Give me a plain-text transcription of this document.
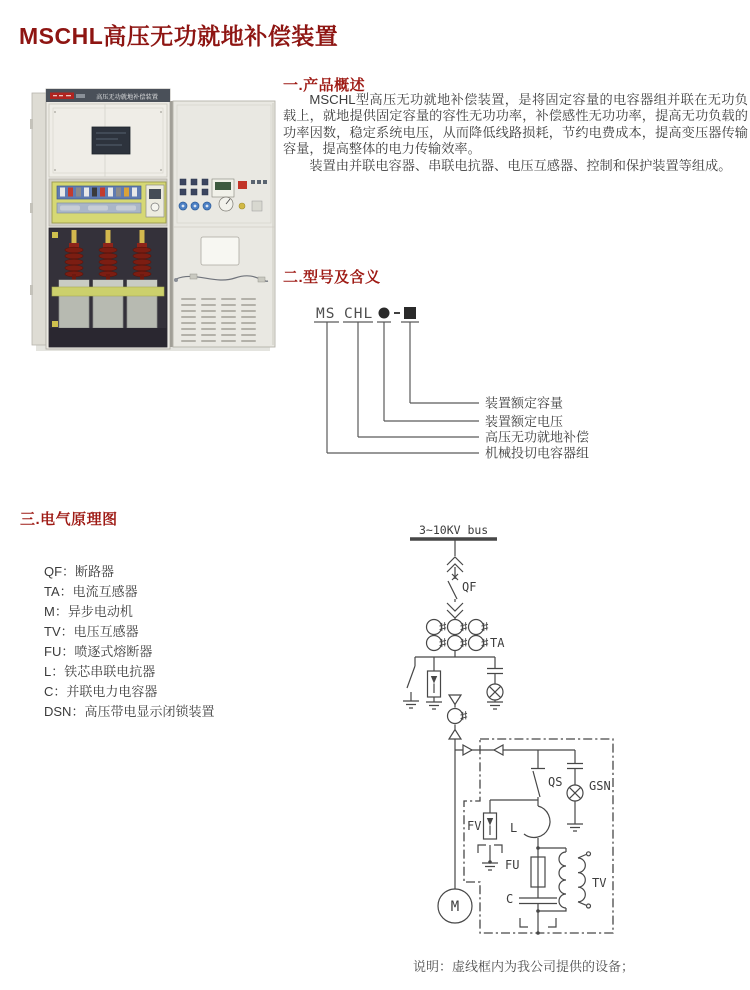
MSCHL高压无功就地补偿装置
高压无功就地补偿装置
一.产品概述

MSCHL型高压无功就地补偿装置，是将固定容量的电容器组并联在无功负载上，就地提供固定容量的容性无功功率，补偿感性无功功率，提高无功负载的功率因数，稳定系统电压，从而降低线路损耗，节约电费成本，提高变压器传输容量，提高整体的电力传输效率。

装置由并联电容器、串联电抗器、电压互感器、控制和保护装置等组成。

二.型号及含义
MS CHL
装置额定容量
装置额定电压
高压无功就地补偿
机械投切电容器组
三.电气原理图
QF：断路器
TA：电流互感器
M：异步电动机
TV：电压互感器
FU：喷逐式熔断器
L：铁芯串联电抗器
C：并联电力电容器
DSN：高压带电显示闭锁装置
3~10KV bus
QF
TA
QS GSN
FV L
FU
C
TV
M
说明：虚线框内为我公司提供的设备；
